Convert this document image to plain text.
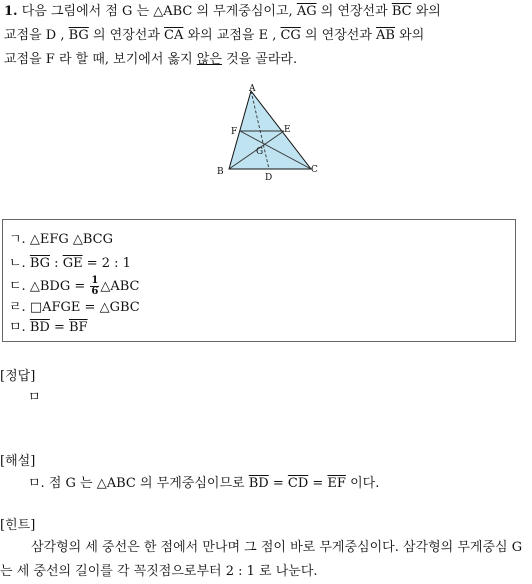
1. 다음 그림에서 점 G 는 △ABC 의 무게중심이고, $\overline{AG}$ 의 연장선과 $\overline{BC}$ 와의
교점을 D , $\overline{BG}$ 의 연장선과 $\overline{CA}$ 와의 교점을 E , $\overline{CG}$ 의 연장선과 $\overline{AB}$ 와의
교점을 F 라 할 때, 보기에서 옳지 않은 것을 골라라.
A
B	C
D
E
F
G
ㄱ. △EFG △BCG
ㄴ. $\overline{BG}$ : $\overline{GE} = 2$ : 1
ㄷ. △BDG = $\frac{1}{6}$ △ABC
ㄹ. □AFGE = △GBC
ㅁ. $\overline{BD} = \overline{BF}$
[정답]
ㅁ
[해설]
ㅁ. 점 G 는 △ABC 의 무게중심이므로 $\overline{BD} = \overline{CD} = \overline{EF}$ 이다.
[힌트]
삼각형의 세 중선은 한 점에서 만나며 그 점이 바로 무게중심이다. 삼각형의 무게중심 G 는 세 중선의 길이를 각 꼭짓점으로부터 2 : 1 로 나눈다.
